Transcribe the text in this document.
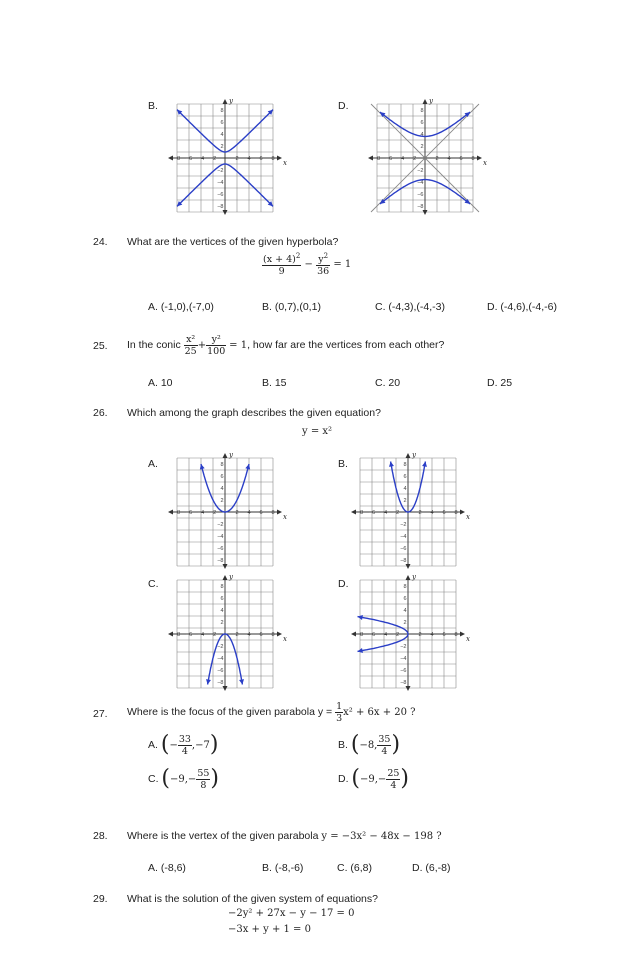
B.	D.
−8 −6 −4 −2	2 4 6 8
8
6
4
2
−2
−4
−6
−8
x
y
−8 −6 −4 −2	2 4 6 8
8
6
4
2
−2
−4
−6
−8
x
y
24. What are the vertices of the given hyperbola?
$\frac{(x + 4)^2}{9} - \frac{y^2}{36} = 1$
A. (-1,0),(-7,0)	B. (0,7),(0,1)	C. (-4,3),(-4,-3)	D. (-4,6),(-4,-6)
25. In the conic $\frac{\text{x²}}{25} + \frac{\text{y²}}{100} = 1$, how far are the vertices from each other?
A. 10	B. 15	C. 20	D. 25
26. Which among the graph describes the given equation?
y = x²
A.	B.
C.	D.
−8 −6 −4 −2	2 4 6 8
8
6
4
2
−2
−4
−6
−8
x
y
−8 −6 −4 −2	2 4 6 8
8
6
4
2
−2
−4
−6
−8
x
y
−8 −6 −4 −2	2 4 6 8
8
6
4
2
−2
−4
−6
−8
x
y
−8 −6 −4 −2	2 4 6 8
8
6
4
2
−2
−4
−6
−8
x
y
27. Where is the focus of the given parabola $y = \frac{1}{3} x^2 + 6x + 20$ ?
A. (− $\frac{33}{4} ,-7$)	B. (−8, $\frac{35}{4}$ )
C. ($-9,- \frac{55}{8}$ )	D. ($-9,- \frac{25}{4}$ )
28. Where is the vertex of the given parabola y = −3x² − 48x − 198 ?
A. (-8,6)	B. (-8,-6)	C. (6,8)	D. (6,-8)
29. What is the solution of the given system of equations?
−2y² + 27x − y − 17 = 0
−3x + y + 1 = 0
